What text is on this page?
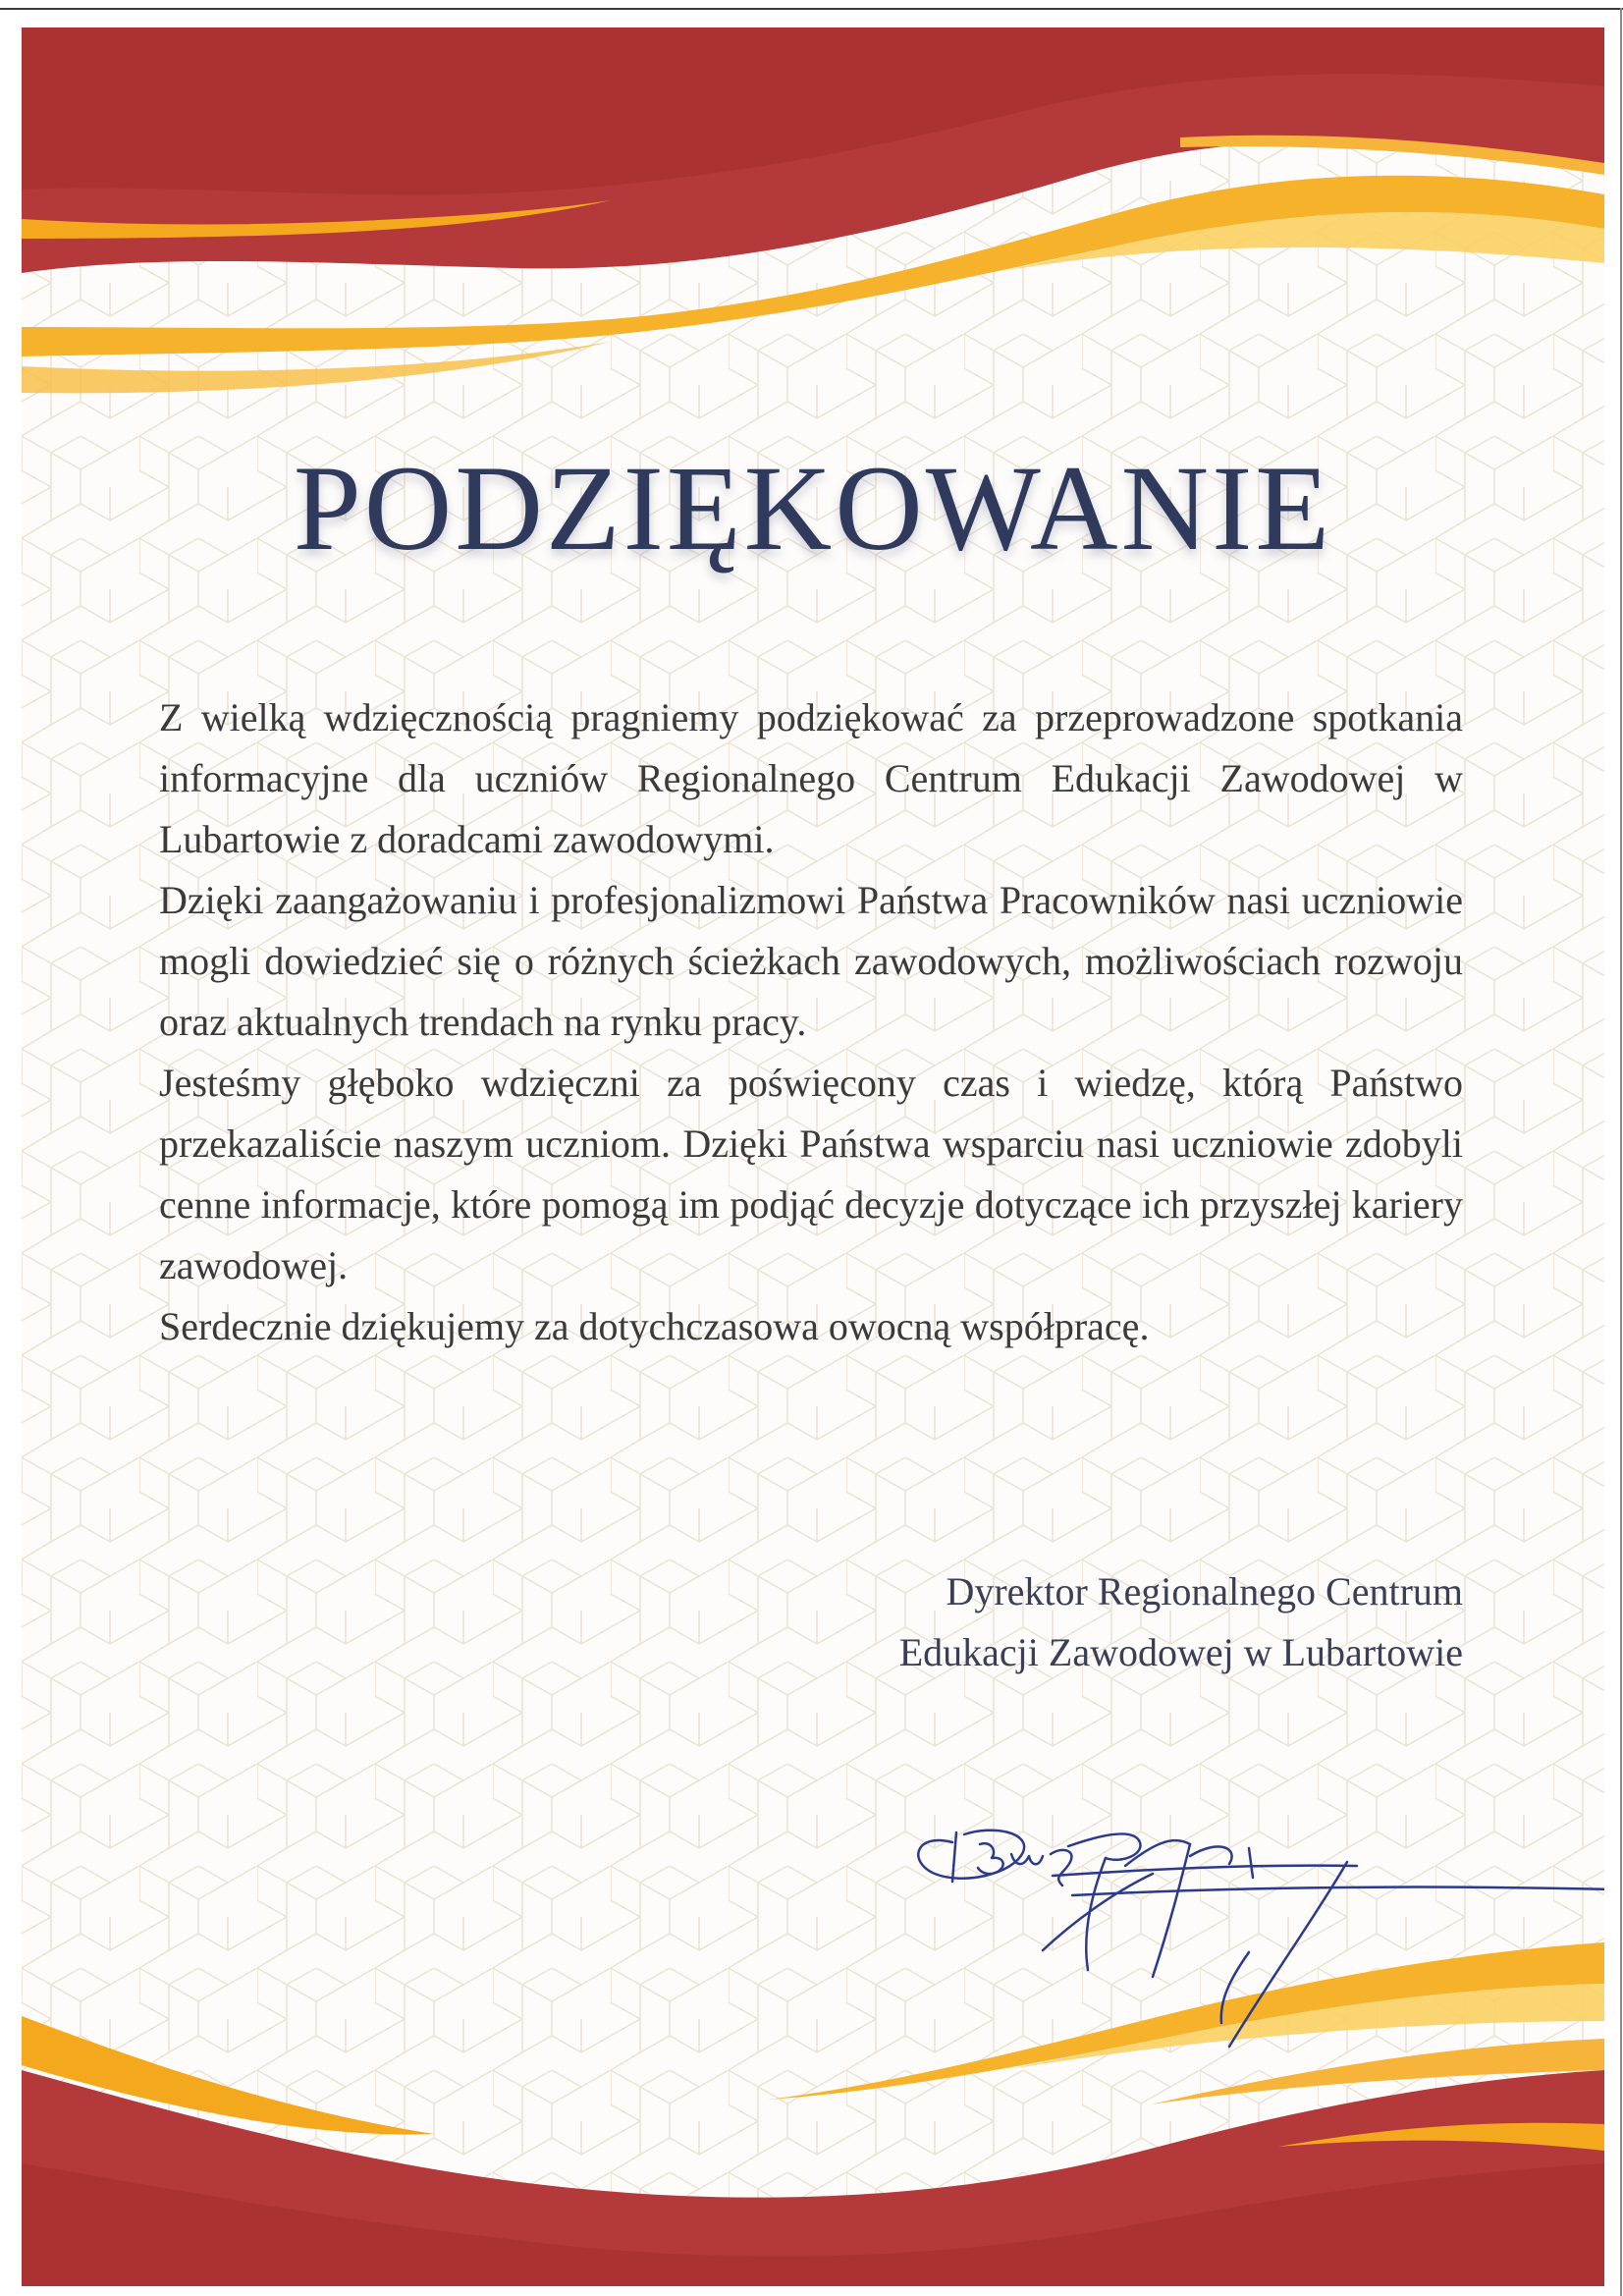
PODZIĘKOWANIE

Z wielką wdzięcznością pragniemy podziękować za przeprowadzone spotkania informacyjne dla uczniów Regionalnego Centrum Edukacji Zawodowej w Lubartowie z doradcami zawodowymi.

Dzięki zaangażowaniu i profesjonalizmowi Państwa Pracowników nasi uczniowie mogli dowiedzieć się o różnych ścieżkach zawodowych, możliwościach rozwoju oraz aktualnych trendach na rynku pracy.

Jesteśmy głęboko wdzięczni za poświęcony czas i wiedzę, którą Państwo przekazaliście naszym uczniom. Dzięki Państwa wsparciu nasi uczniowie zdobyli cenne informacje, które pomogą im podjąć decyzje dotyczące ich przyszłej kariery zawodowej.

Serdecznie dziękujemy za dotychczasowa owocną współpracę.

Dyrektor Regionalnego Centrum
Edukacji Zawodowej w Lubartowie
